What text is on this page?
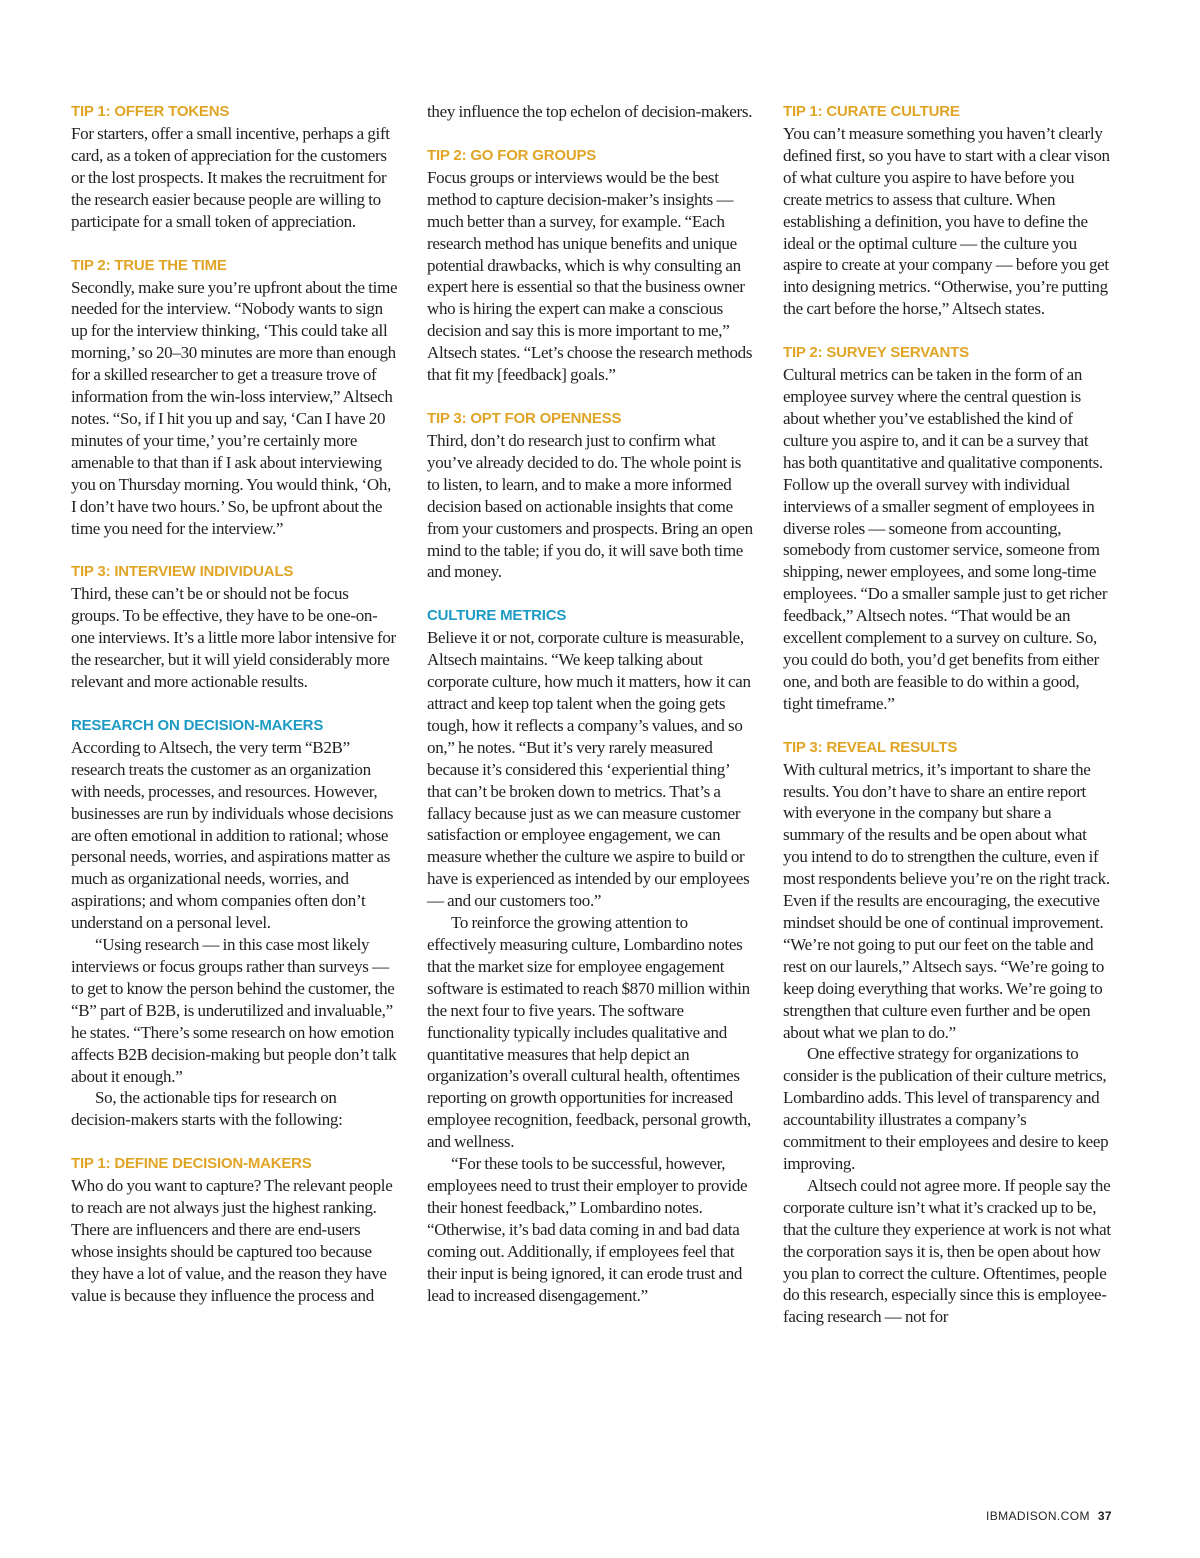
TIP 1: OFFER TOKENS

For starters, offer a small incentive, perhaps a gift card, as a token of appreciation for the customers or the lost prospects. It makes the recruitment for the research easier because people are willing to participate for a small token of appreciation.

TIP 2: TRUE THE TIME

Secondly, make sure you’re upfront about the time needed for the interview. “Nobody wants to sign up for the interview thinking, ‘This could take all morning,’ so 20–30 minutes are more than enough for a skilled researcher to get a treasure trove of information from the win-loss interview,” Altsech notes. “So, if I hit you up and say, ‘Can I have 20 minutes of your time,’ you’re certainly more amenable to that than if I ask about interviewing you on Thursday morning. You would think, ‘Oh, I don’t have two hours.’ So, be upfront about the time you need for the interview.”

TIP 3: INTERVIEW INDIVIDUALS

Third, these can’t be or should not be focus groups. To be effective, they have to be one-on-one interviews. It’s a little more labor intensive for the researcher, but it will yield considerably more relevant and more actionable results.

RESEARCH ON DECISION-MAKERS

According to Altsech, the very term “B2B” research treats the customer as an organization with needs, processes, and resources. However, businesses are run by individuals whose decisions are often emotional in addition to rational; whose personal needs, worries, and aspirations matter as much as organizational needs, worries, and aspirations; and whom companies often don’t understand on a personal level.

“Using research — in this case most likely interviews or focus groups rather than surveys — to get to know the person behind the customer, the “B” part of B2B, is underutilized and invaluable,” he states. “There’s some research on how emotion affects B2B decision-making but people don’t talk about it enough.”

So, the actionable tips for research on decision-makers starts with the following:

TIP 1: DEFINE DECISION-MAKERS

Who do you want to capture? The relevant people to reach are not always just the highest ranking. There are influencers and there are end-users whose insights should be captured too because they have a lot of value, and the reason they have value is because they influence the process and

they influence the top echelon of decision-makers.

TIP 2: GO FOR GROUPS

Focus groups or interviews would be the best method to capture decision-maker’s insights — much better than a survey, for example. “Each research method has unique benefits and unique potential drawbacks, which is why consulting an expert here is essential so that the business owner who is hiring the expert can make a conscious decision and say this is more important to me,” Altsech states. “Let’s choose the research methods that fit my [feedback] goals.”

TIP 3: OPT FOR OPENNESS

Third, don’t do research just to confirm what you’ve already decided to do. The whole point is to listen, to learn, and to make a more informed decision based on actionable insights that come from your customers and prospects. Bring an open mind to the table; if you do, it will save both time and money.

CULTURE METRICS

Believe it or not, corporate culture is measurable, Altsech maintains. “We keep talking about corporate culture, how much it matters, how it can attract and keep top talent when the going gets tough, how it reflects a company’s values, and so on,” he notes. “But it’s very rarely measured because it’s considered this ‘experiential thing’ that can’t be broken down to metrics. That’s a fallacy because just as we can measure customer satisfaction or employee engagement, we can measure whether the culture we aspire to build or have is experienced as intended by our employees — and our customers too.”

To reinforce the growing attention to effectively measuring culture, Lombardino notes that the market size for employee engagement software is estimated to reach $870 million within the next four to five years. The software functionality typically includes qualitative and quantitative measures that help depict an organization’s overall cultural health, oftentimes reporting on growth opportunities for increased employee recognition, feedback, personal growth, and wellness.

“For these tools to be successful, however, employees need to trust their employer to provide their honest feedback,” Lombardino notes. “Otherwise, it’s bad data coming in and bad data coming out. Additionally, if employees feel that their input is being ignored, it can erode trust and lead to increased disengagement.”

TIP 1: CURATE CULTURE

You can’t measure something you haven’t clearly defined first, so you have to start with a clear vison of what culture you aspire to have before you create metrics to assess that culture. When establishing a definition, you have to define the ideal or the optimal culture — the culture you aspire to create at your company — before you get into designing metrics. “Otherwise, you’re putting the cart before the horse,” Altsech states.

TIP 2: SURVEY SERVANTS

Cultural metrics can be taken in the form of an employee survey where the central question is about whether you’ve established the kind of culture you aspire to, and it can be a survey that has both quantitative and qualitative components. Follow up the overall survey with individual interviews of a smaller segment of employees in diverse roles — someone from accounting, somebody from customer service, someone from shipping, newer employees, and some long-time employees. “Do a smaller sample just to get richer feedback,” Altsech notes. “That would be an excellent complement to a survey on culture. So, you could do both, you’d get benefits from either one, and both are feasible to do within a good, tight timeframe.”

TIP 3: REVEAL RESULTS

With cultural metrics, it’s important to share the results. You don’t have to share an entire report with everyone in the company but share a summary of the results and be open about what you intend to do to strengthen the culture, even if most respondents believe you’re on the right track. Even if the results are encouraging, the executive mindset should be one of continual improvement. “We’re not going to put our feet on the table and rest on our laurels,” Altsech says. “We’re going to keep doing everything that works. We’re going to strengthen that culture even further and be open about what we plan to do.”

One effective strategy for organizations to consider is the publication of their culture metrics, Lombardino adds. This level of transparency and accountability illustrates a company’s commitment to their employees and desire to keep improving.

Altsech could not agree more. If people say the corporate culture isn’t what it’s cracked up to be, that the culture they experience at work is not what the corporation says it is, then be open about how you plan to correct the culture. Oftentimes, people do this research, especially since this is employee-facing research — not for

IBMADISON.COM 37
